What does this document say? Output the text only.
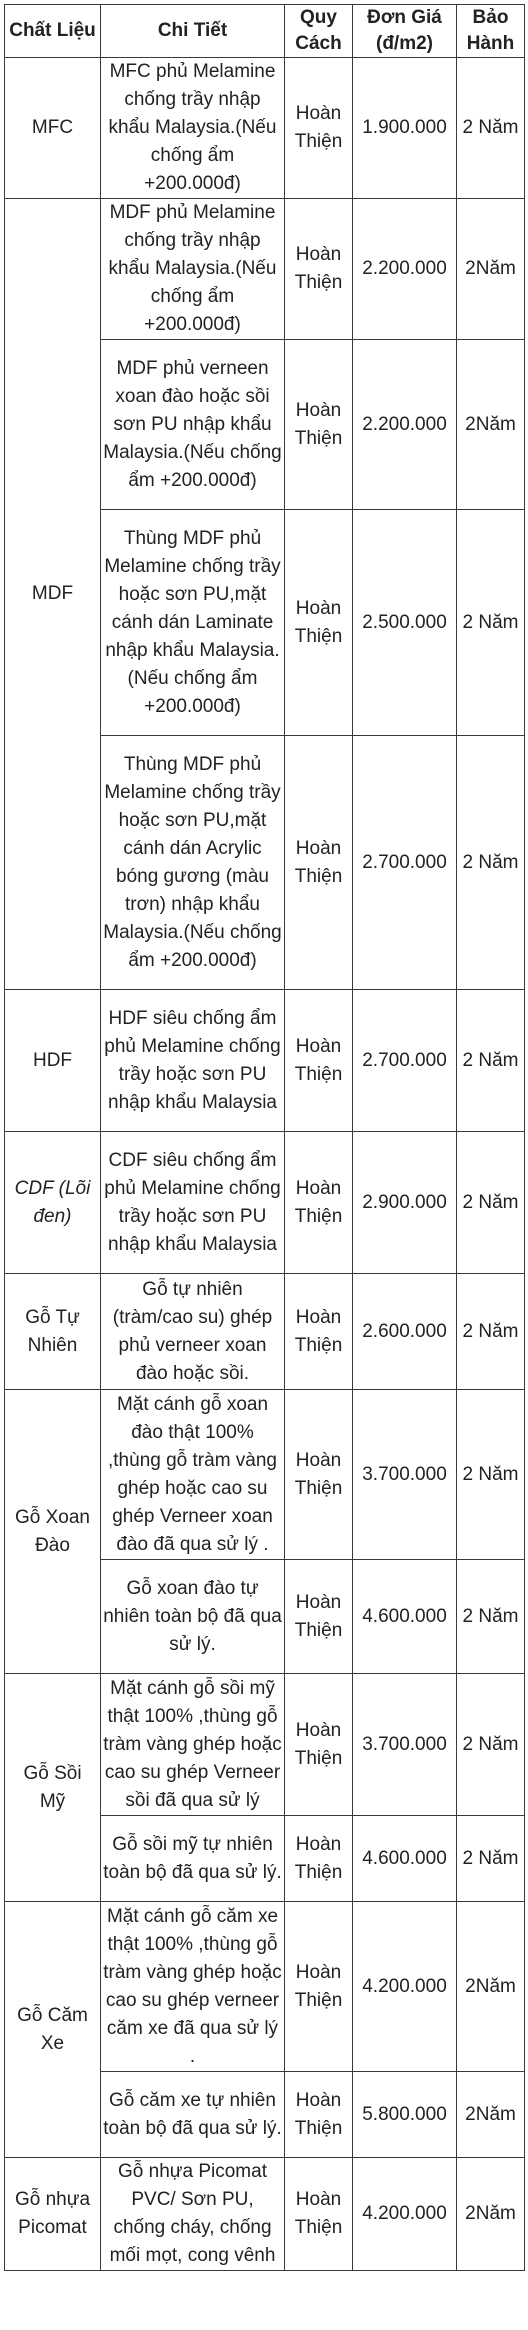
Chất Liệu	Chi Tiết	Quy Cách	Đơn Giá (đ/m2)	Bảo Hành
MFC	MFC phủ Melamine chống trầy nhập khẩu Malaysia.(Nếu chống ẩm +200.000đ)	Hoàn Thiện	1.900.000	2 Năm
MDF	MDF phủ Melamine chống trầy nhập khẩu Malaysia.(Nếu chống ẩm +200.000đ)	Hoàn Thiện	2.200.000	2Năm
	MDF phủ verneen xoan đào hoặc sồi sơn PU nhập khẩu Malaysia.(Nếu chống ẩm +200.000đ)	Hoàn Thiện	2.200.000	2Năm
	Thùng MDF phủ Melamine chống trầy hoặc sơn PU,mặt cánh dán Laminate nhập khẩu Malaysia.(Nếu chống ẩm +200.000đ)	Hoàn Thiện	2.500.000	2 Năm
	Thùng MDF phủ Melamine chống trầy hoặc sơn PU,mặt cánh dán Acrylic bóng gương (màu trơn) nhập khẩu Malaysia.(Nếu chống ẩm +200.000đ)	Hoàn Thiện	2.700.000	2 Năm
HDF	HDF siêu chống ẩm phủ Melamine chống trầy hoặc sơn PU nhập khẩu Malaysia	Hoàn Thiện	2.700.000	2 Năm
CDF (Lõi đen)	CDF siêu chống ẩm phủ Melamine chống trầy hoặc sơn PU nhập khẩu Malaysia	Hoàn Thiện	2.900.000	2 Năm
Gỗ Tự Nhiên	Gỗ tự nhiên (tràm/cao su) ghép phủ verneer xoan đào hoặc sồi.	Hoàn Thiện	2.600.000	2 Năm
Gỗ Xoan Đào	Mặt cánh gỗ xoan đào thật 100% ,thùng gỗ tràm vàng ghép hoặc cao su ghép Verneer xoan đào đã qua sử lý .	Hoàn Thiện	3.700.000	2 Năm
	Gỗ xoan đào tự nhiên toàn bộ đã qua sử lý.	Hoàn Thiện	4.600.000	2 Năm
Gỗ Sồi Mỹ	Mặt cánh gỗ sồi mỹ thật 100% ,thùng gỗ tràm vàng ghép hoặc cao su ghép Verneer sồi đã qua sử lý	Hoàn Thiện	3.700.000	2 Năm
	Gỗ sồi mỹ tự nhiên toàn bộ đã qua sử lý.	Hoàn Thiện	4.600.000	2 Năm
Gỗ Căm Xe	Mặt cánh gỗ căm xe thật 100% ,thùng gỗ tràm vàng ghép hoặc cao su ghép verneer căm xe đã qua sử lý .	Hoàn Thiện	4.200.000	2Năm
	Gỗ căm xe tự nhiên toàn bộ đã qua sử lý.	Hoàn Thiện	5.800.000	2Năm
Gỗ nhựa Picomat	Gỗ nhựa Picomat PVC/ Sơn PU, chống cháy, chống mối mọt, cong vênh	Hoàn Thiện	4.200.000	2Năm
